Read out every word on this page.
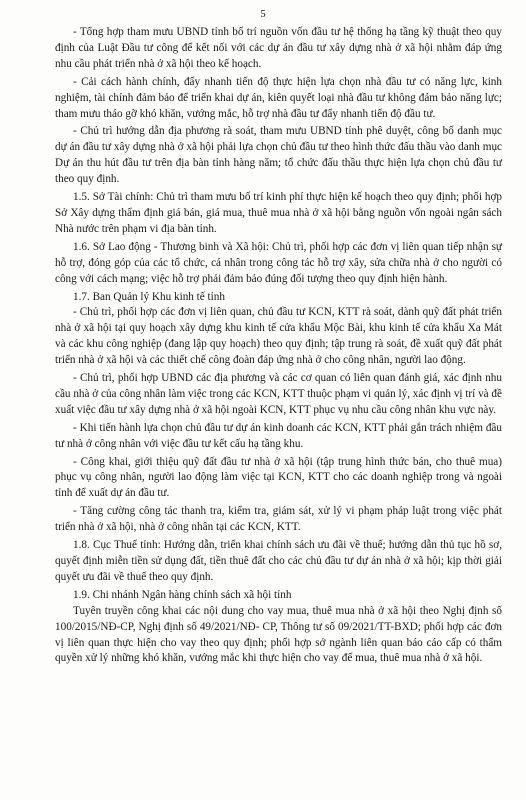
5

- Tổng hợp tham mưu UBND tỉnh bố trí nguồn vốn đầu tư hệ thống hạ tầng kỹ thuật theo quy định của Luật Đầu tư công để kết nối với các dự án đầu tư xây dựng nhà ở xã hội nhằm đáp ứng nhu cầu phát triển nhà ở xã hội theo kế hoạch.

- Cải cách hành chính, đẩy nhanh tiến độ thực hiện lựa chọn nhà đầu tư có năng lực, kinh nghiệm, tài chính đảm bảo để triển khai dự án, kiên quyết loại nhà đầu tư không đảm bảo năng lực; tham mưu tháo gỡ khó khăn, vướng mắc, hỗ trợ nhà đầu tư đẩy nhanh tiến độ đầu tư.

- Chủ trì hướng dẫn địa phương rà soát, tham mưu UBND tỉnh phê duyệt, công bố danh mục dự án đầu tư xây dựng nhà ở xã hội phải lựa chọn chủ đầu tư theo hình thức đấu thầu vào danh mục Dự án thu hút đầu tư trên địa bàn tỉnh hàng năm; tổ chức đấu thầu thực hiện lựa chọn chủ đầu tư theo quy định.

1.5. Sở Tài chính: Chủ trì tham mưu bố trí kinh phí thực hiện kế hoạch theo quy định; phối hợp Sở Xây dựng thẩm định giá bán, giá mua, thuê mua nhà ở xã hội bằng nguồn vốn ngoài ngân sách Nhà nước trên phạm vi địa bàn tỉnh.

1.6. Sở Lao động - Thương binh và Xã hội: Chủ trì, phối hợp các đơn vị liên quan tiếp nhận sự hỗ trợ, đóng góp của các tổ chức, cá nhân trong công tác hỗ trợ xây, sửa chữa nhà ở cho người có công với cách mạng; việc hỗ trợ phải đảm bảo đúng đối tượng theo quy định hiện hành.

1.7. Ban Quản lý Khu kinh tế tỉnh

- Chủ trì, phối hợp các đơn vị liên quan, chủ đầu tư KCN, KTT rà soát, dành quỹ đất phát triển nhà ở xã hội tại quy hoạch xây dựng khu kinh tế cửa khẩu Mộc Bài, khu kinh tế cửa khẩu Xa Mát và các khu công nghiệp (đang lập quy hoạch) theo quy định; tập trung rà soát, đề xuất quỹ đất phát triển nhà ở xã hội và các thiết chế công đoàn đáp ứng nhà ở cho công nhân, người lao động.

- Chủ trì, phối hợp UBND các địa phương và các cơ quan có liên quan đánh giá, xác định nhu cầu nhà ở của công nhân làm việc trong các KCN, KTT thuộc phạm vi quản lý, xác định vị trí và đề xuất việc đầu tư xây dựng nhà ở xã hội ngoài KCN, KTT phục vụ nhu cầu công nhân khu vực này.

- Khi tiến hành lựa chọn chủ đầu tư dự án kinh doanh các KCN, KTT phải gắn trách nhiệm đầu tư nhà ở công nhân với việc đầu tư kết cấu hạ tầng khu.

- Công khai, giới thiệu quỹ đất đầu tư nhà ở xã hội (tập trung hình thức bán, cho thuê mua) phục vụ công nhân, người lao động làm việc tại KCN, KTT cho các doanh nghiệp trong và ngoài tỉnh để xuất dự án đầu tư.

- Tăng cường công tác thanh tra, kiểm tra, giám sát, xử lý vi phạm pháp luật trong việc phát triển nhà ở xã hội, nhà ở công nhân tại các KCN, KTT.

1.8. Cục Thuế tỉnh: Hướng dẫn, triển khai chính sách ưu đãi về thuế; hướng dẫn thủ tục hồ sơ, quyết định miễn tiền sử dụng đất, tiền thuê đất cho các chủ đầu tư dự án nhà ở xã hội; kịp thời giải quyết ưu đãi về thuế theo quy định.

1.9. Chi nhánh Ngân hàng chính sách xã hội tỉnh

Tuyên truyền công khai các nội dung cho vay mua, thuê mua nhà ở xã hội theo Nghị định số 100/2015/NĐ-CP, Nghị định số 49/2021/NĐ- CP, Thông tư số 09/2021/TT-BXD; phối hợp các đơn vị liên quan thực hiện cho vay theo quy định; phối hợp sở ngành liên quan báo cáo cấp có thẩm quyền xử lý những khó khăn, vướng mắc khi thực hiện cho vay để mua, thuê mua nhà ở xã hội.
